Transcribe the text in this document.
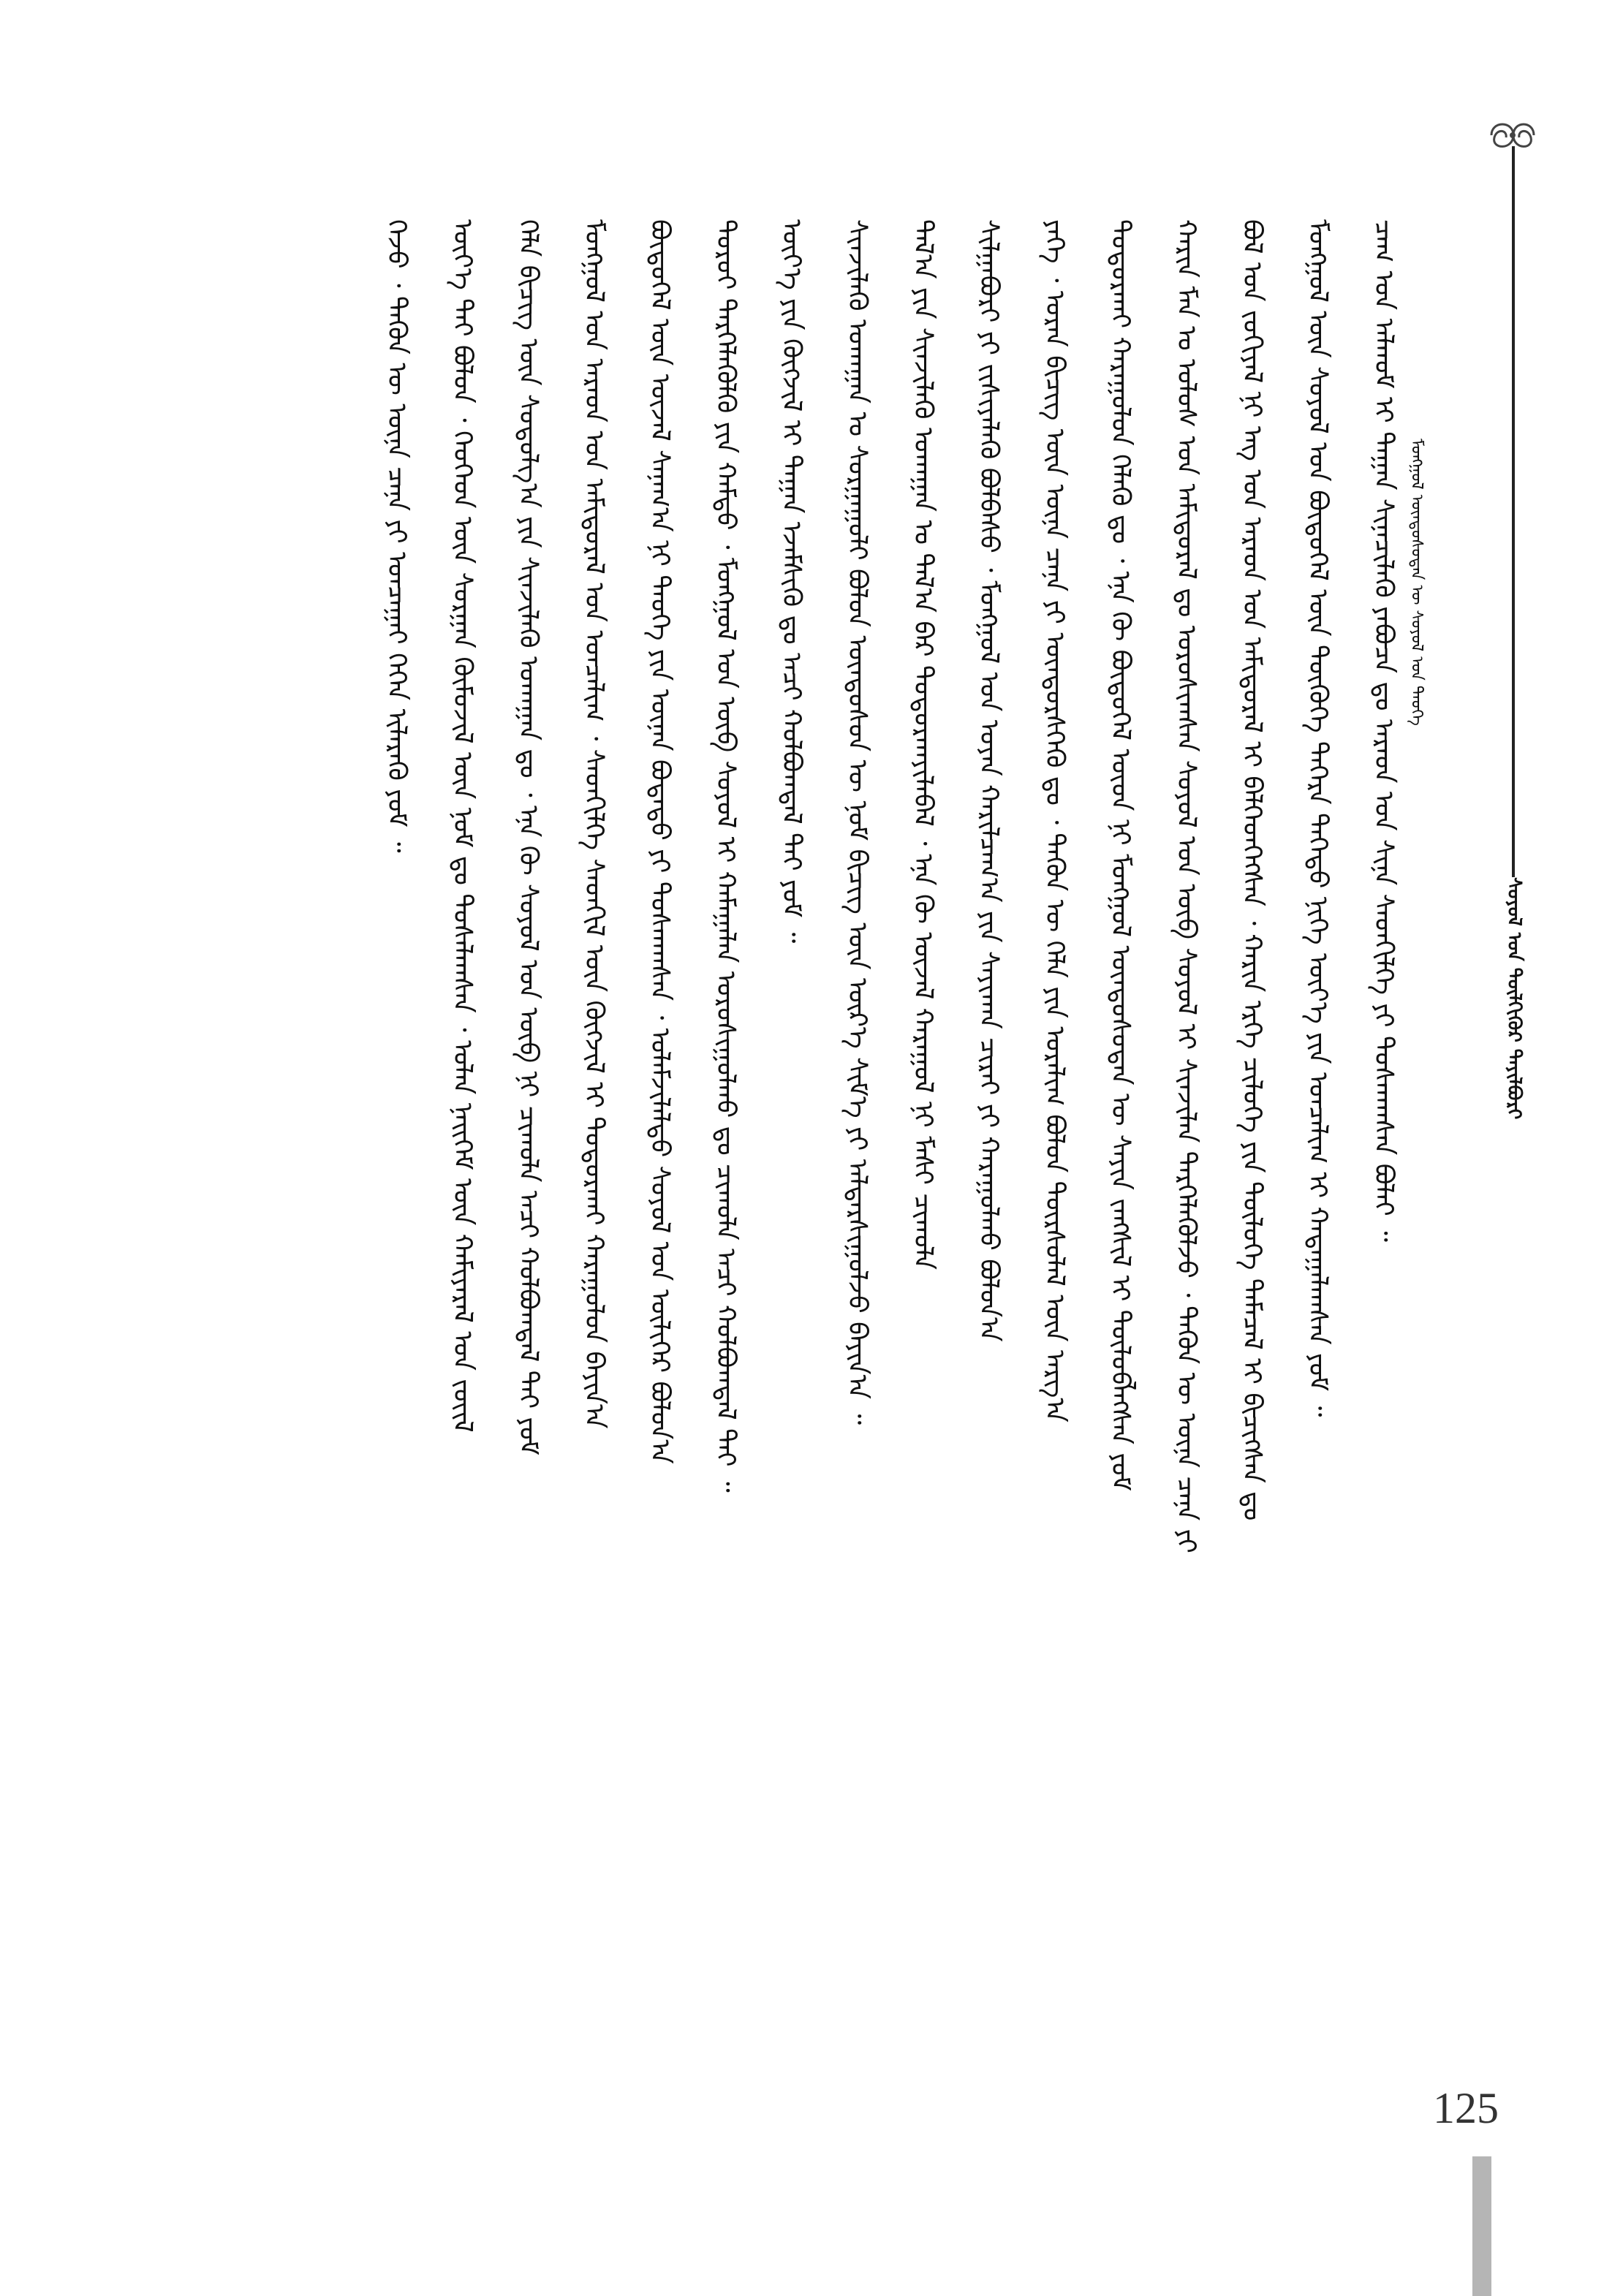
ᠮᠣᠩᠭᠣᠯ ᠦᠨᠳᠦᠰᠦᠲᠡᠨ ᠦ ᠰᠣᠶᠣᠯ ᠤᠨ ᠲᠡᠦᠬᠡ
ᠰᠣᠶᠣᠯ ᠤᠨ ᠲᠦᠯᠬᠢᠭᠦᠷ ᠲᠠᠶᠢᠯᠪᠤᠷᠢ
ᠴᠠᠭ ᠤᠨ ᠠᠯᠬᠤᠮ ᠢ ᠳᠠᠭᠠᠨ ᠰᠢᠨᠡᠴᠢᠯᠡᠬᠦ ᠶᠠᠪᠤᠴᠠ ᠳᠤ ᠠᠷᠠᠳ ᠤᠨ ᠰᠢᠨᠡ ᠰᠡᠳᠬᠢᠯᠭᠡ ᠶᠢ ᠲᠤᠰᠬᠠᠭᠰᠠᠨ ᠪᠣᠯᠠᠢ ᠃
ᠮᠣᠩᠭᠣᠯ ᠦᠨ ᠰᠣᠶᠣᠯ ᠤᠨ ᠪᠦᠲᠦᠭᠡᠯ ᠦᠨ ᠲᠦᠭᠦᠬᠡ ᠳᠡᠭᠡᠷᠡ ᠳᠡᠭᠡᠳᠦ ᠨᠢᠭᠡ ᠦᠶ᠎ᠡ ᠶᠢᠨ ᠣᠨᠴᠠᠯᠢᠭ ᠢ ᠬᠠᠳᠠᠭᠠᠯᠠᠭᠰᠠᠨ ᠶᠤᠮ ᠃
ᠪᠤᠯ ᠤᠨ ᠵᠣᠬᠢᠶᠠᠯ ᠨᠢ ᠡᠩ ᠤᠨ ᠠᠷᠠᠳ ᠤᠨ ᠠᠮᠢᠳᠤᠷᠠᠯ ᠢ ᠪᠡᠯᠭᠡᠳᠭᠡᠭᠰᠡᠨ ᠂ ᠬᠠᠷᠢᠨ ᠡᠷᠬᠡ ᠴᠢᠯᠦᠭᠡ ᠶᠢᠨ ᠲᠦᠯᠦᠭᠡ ᠲᠡᠮᠡᠴᠡᠯ ᠢ ᠪᠢᠴᠢᠭᠰᠡᠨ ᠳᠤ
ᠬᠠᠷᠢᠨ ᠮᠠᠨ ᠤ ᠤᠯᠤᠰ ᠤᠨ ᠠᠮᠢᠳᠤᠷᠠᠯ ᠳᠤ ᠣᠷᠣᠰᠢᠭᠰᠠᠨ ᠰᠣᠶᠣᠯ ᠤᠨ ᠥᠪ ᠰᠣᠶᠣᠯ ᠢ ᠰᠢᠨᠵᠢᠯᠡᠨ ᠲᠡᠷᠭᠡᠯᠡᠭᠦᠯᠵᠦ ᠂ ᠲᠡᠭᠦᠨ ᠦ ᠦᠨᠡ ᠴᠡᠨᠡ ᠶᠢ
ᠲᠣᠳᠣᠷᠬᠠᠶ ᠬᠠᠷᠠᠭᠤᠯᠤᠨ ᠬᠡᠯᠡᠬᠦ ᠳᠤ ᠂ ᠡᠨᠡ ᠬᠦ ᠪᠦᠲᠦᠭᠡᠯ ᠦᠳ ᠨᠢ ᠮᠣᠩᠭᠣᠯ ᠦᠨᠳᠦᠰᠦᠲᠡᠨ ᠦ ᠰᠠᠶᠢᠨ ᠵᠠᠩᠱᠢᠯ ᠢ ᠲᠥᠯᠦᠪᠯᠡᠭᠰᠡᠨ ᠶᠤᠮ
ᠶᠡᠬᠡ ᠂ ᠤᠷᠠᠨ ᠪᠢᠴᠢᠭ ᠦᠨ ᠦᠨᠡ ᠴᠡᠨᠡ ᠶᠢ ᠥᠨᠳᠦᠷᠰᠭᠡᠬᠦ ᠳᠤ ᠂ ᠲᠡᠭᠦᠨ ᠦ ᠬᠡᠯᠡ ᠶᠢᠨ ᠤᠷᠠᠯᠢᠭ ᠪᠣᠯᠤᠨ ᠳᠦᠷᠰᠦᠯᠡᠯ ᠦᠨ ᠠᠷᠭ᠎ᠠ
ᠰᠢᠯᠭᠠᠪᠤᠷᠢ ᠶᠢ ᠵᠢᠱᠢᠶᠡᠯᠡᠬᠦ ᠪᠣᠯᠪᠠᠰᠤ ᠂ ᠮᠣᠩᠭᠣᠯ ᠤᠨ ᠤᠶᠠᠨ ᠬᠠᠷᠢᠯᠴᠠᠭ᠎ᠠ ᠶᠢᠨ ᠰᠠᠶᠢᠬᠠᠨ ᠴᠢᠷᠠᠢ ᠶᠢ ᠬᠠᠷᠠᠭᠤᠯᠬᠤ ᠪᠣᠯᠣᠨ᠎ᠠ
ᠲᠠᠯ᠎ᠠ ᠶᠢᠨ ᠰᠢᠨᠵᠢᠯᠡᠬᠦ ᠤᠬᠠᠭᠠᠨ ᠤ ᠲᠠᠯ᠎ᠠ ᠪᠠᠷ ᠲᠣᠳᠣᠷᠬᠠᠶᠢᠯᠠᠪᠠᠯ ᠂ ᠡᠨᠡ ᠬᠦ ᠦᠵᠡᠯ ᠬᠠᠷᠠᠭᠤᠯ ᠨᠢ ᠮᠠᠰᠢ ᠴᠢᠬᠤᠯᠠ
ᠰᠢᠨᠵᠢᠯᠡᠬᠦ ᠤᠬᠠᠭᠠᠨ ᠤ ᠰᠤᠷᠭᠠᠭᠤᠯᠢ ᠪᠣᠯᠤᠨ ᠦᠨᠳᠦᠰᠦᠨ ᠦ ᠨᠣᠮ ᠪᠢᠴᠢᠭ ᠦᠨ ᠦᠷ᠎ᠡ ᠰᠢᠮ᠎ᠡ ᠶᠢ ᠠᠯᠳᠠᠷᠰᠢᠭᠤᠯᠵᠤ ᠪᠠᠶᠢᠨ᠎ᠠ ᠃
ᠦᠶ᠎ᠡ ᠶᠢᠨ ᠬᠥᠭᠵᠢᠯ ᠢ ᠳᠠᠭᠠᠨ ᠡᠵᠡᠮᠰᠢᠬᠦ ᠳᠤ ᠠᠴᠢ ᠬᠣᠯᠪᠣᠭᠳᠠᠯ ᠲᠠᠢ ᠶᠤᠮ ᠃
ᠳᠣᠷᠤᠢ ᠲᠡᠷᠭᠡᠯᠡᠭᠦᠯᠬᠦ ᠶᠢᠨ ᠬᠠᠮᠲᠤ ᠂ ᠮᠣᠩᠭᠣᠯ ᠤᠨ ᠥᠪ ᠰᠣᠶᠣᠯ ᠢ ᠬᠠᠮᠠᠭᠠᠯᠠᠨ ᠣᠷᠣᠰᠢᠭᠤᠯᠬᠤ ᠳᠤ ᠴᠢᠬᠤᠯᠠ ᠠᠴᠢ ᠬᠣᠯᠪᠣᠭᠳᠠᠯ ᠲᠠᠢ ᠃
ᠪᠦᠲᠦᠭᠡᠯ ᠦᠨ ᠦᠵᠡᠯ ᠰᠠᠨᠠᠭ᠎ᠠ ᠨᠢ ᠲᠡᠦᠬᠡ ᠶᠢᠨ ᠦᠨᠡᠨ ᠪᠣᠳᠠᠲᠤ ᠶᠢ ᠲᠤᠰᠬᠠᠭᠰᠠᠨ ᠂ ᠤᠯᠠᠮᠵᠢᠯᠠᠯᠲᠤ ᠰᠣᠶᠣᠯ ᠤᠨ ᠦᠯᠢᠭᠡᠷ ᠪᠣᠯᠤᠨ᠎ᠠ
ᠮᠣᠩᠭᠣᠯ ᠤᠨ ᠠᠷᠠᠳ ᠤᠨ ᠠᠮᠢᠳᠤᠷᠠᠯ ᠤᠨ ᠣᠨᠴᠠᠯᠢᠭ ᠂ ᠰᠡᠳᠬᠢᠯᠭᠡ ᠰᠡᠳᠬᠢᠯ ᠦᠨ ᠬᠥᠭᠵᠢᠯ ᠢ ᠲᠣᠳᠣᠷᠬᠠᠶ ᠬᠠᠷᠠᠭᠤᠯᠤᠨ ᠪᠠᠶᠢᠨ᠎ᠠ
ᠬᠡᠯᠡ ᠪᠢᠴᠢᠭ ᠦᠨ ᠰᠤᠳᠤᠯᠭ᠎ᠠ ᠶᠢᠨ ᠰᠢᠨᠵᠢᠯᠡᠬᠦ ᠤᠬᠠᠭᠠᠨ ᠳᠤ ᠂ ᠡᠨᠡ ᠬᠦ ᠰᠣᠶᠣᠯ ᠤᠨ ᠥᠪ ᠨᠢ ᠴᠢᠬᠤᠯᠠ ᠠᠴᠢ ᠬᠣᠯᠪᠣᠭᠳᠠᠯ ᠲᠠᠢ ᠶᠤᠮ
ᠦᠶ᠎ᠡ ᠲᠠᠢ ᠪᠣᠯᠤᠨ ᠂ ᠬᠡᠦᠬᠡᠳ ᠦᠨ ᠰᠤᠷᠭᠠᠨ ᠬᠦᠮᠦᠵᠢᠯ ᠦᠨ ᠨᠣᠮ ᠳᠤ ᠲᠤᠰᠠᠯᠠᠭᠰᠠᠨ ᠂ ᠣᠯᠠᠨ ᠨᠡᠢᠭᠡᠮ ᠦᠨ ᠬᠠᠮᠢᠶᠠᠷᠠᠯ ᠤᠨ ᠵᠦᠢᠯ
ᠭᠡᠵᠦ ᠂ ᠲᠡᠭᠦᠨ ᠦ ᠦᠨᠡ ᠴᠡᠨᠡ ᠶᠢ ᠣᠨᠴᠠᠭᠠᠢ ᠭᠡᠭᠡᠨ ᠢᠯᠡᠷᠡᠬᠦ ᠶᠤᠮ ᠃
125
